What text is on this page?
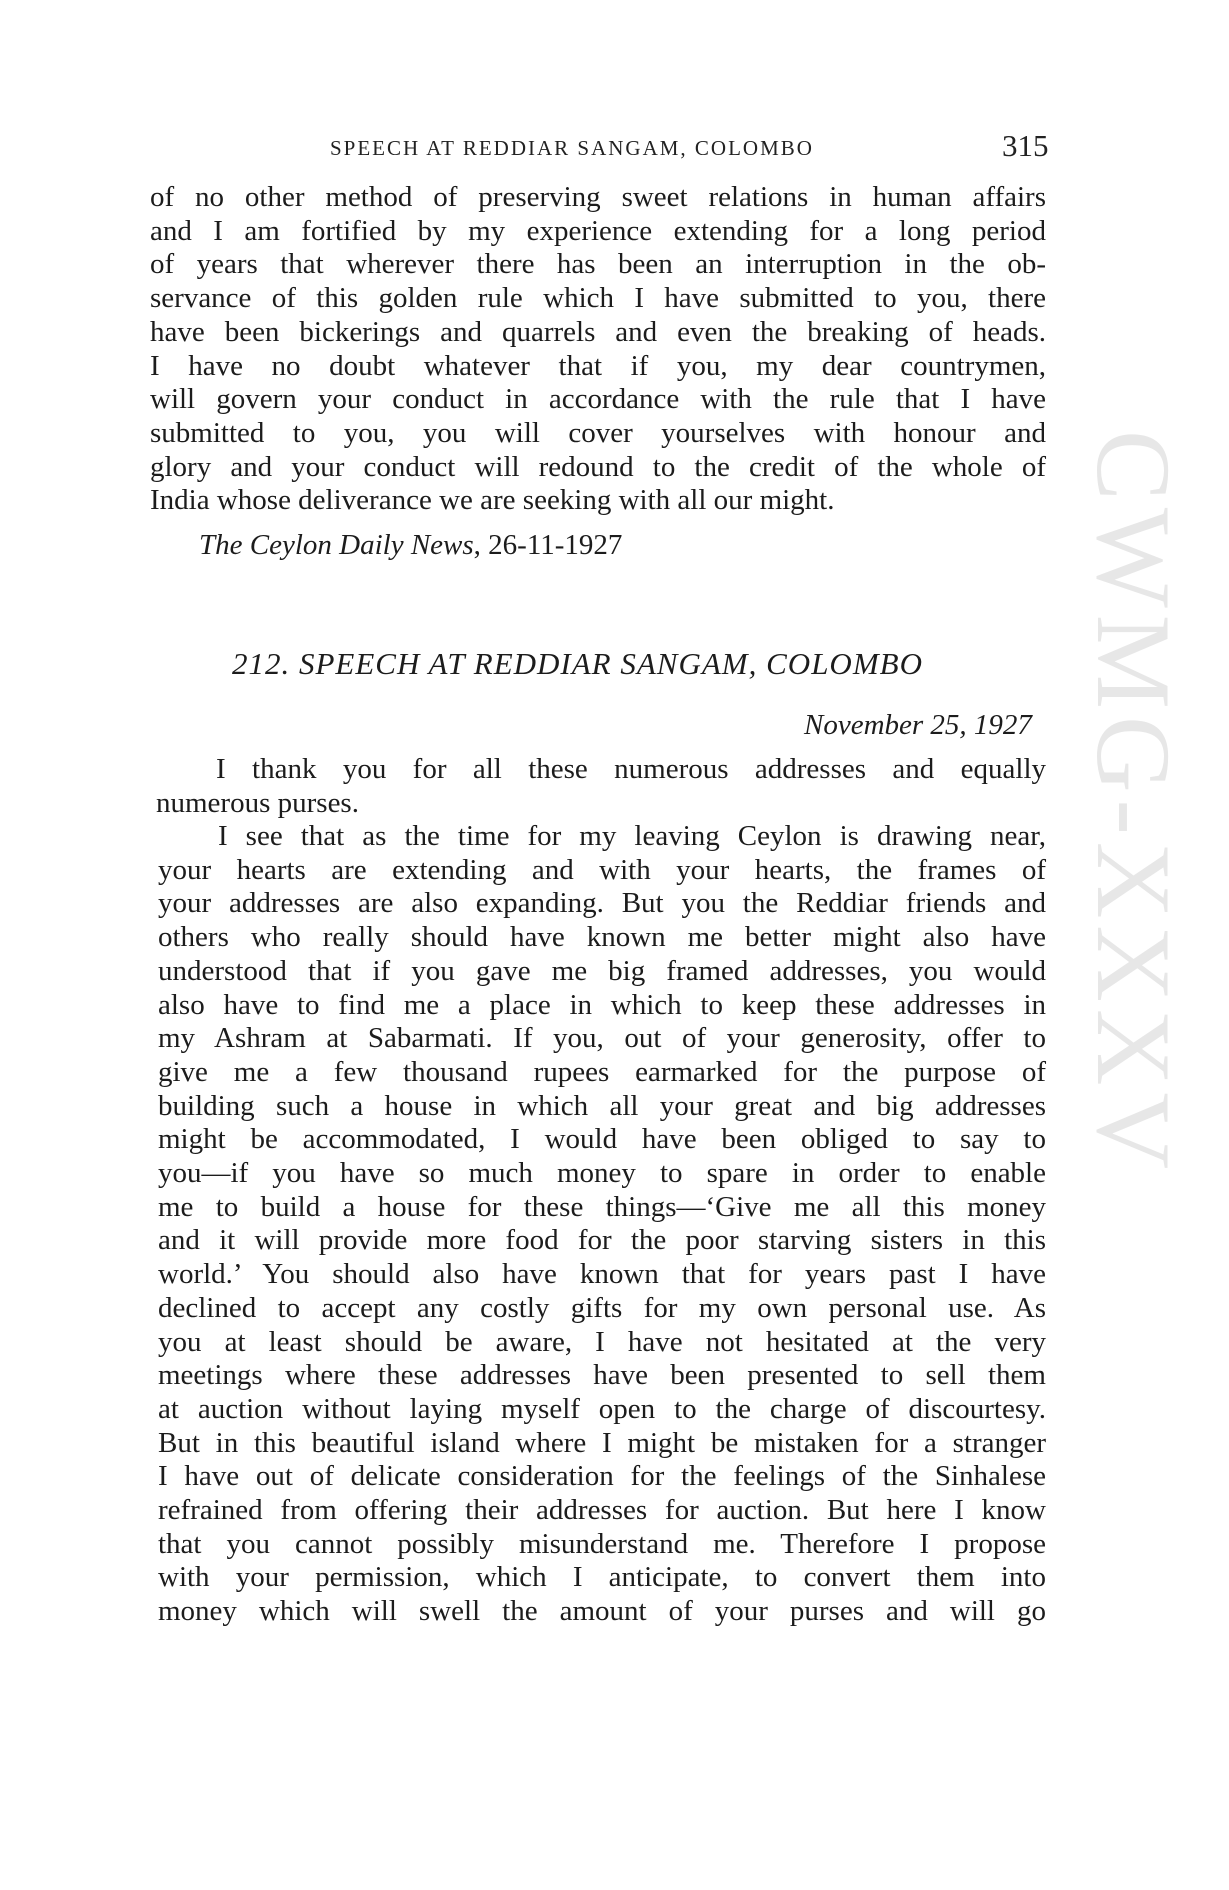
CWMG-XXXV
SPEECH AT REDDIAR SANGAM, COLOMBO	315
of no other method of preserving sweet relations in human affairs
and I am fortified by my experience extending for a long period
of years that wherever there has been an interruption in the ob-
servance of this golden rule which I have submitted to you, there
have been bickerings and quarrels and even the breaking of heads.
I have no doubt whatever that if you, my dear countrymen,
will govern your conduct in accordance with the rule that I have
submitted to you, you will cover yourselves with honour and
glory and your conduct will redound to the credit of the whole of
India whose deliverance we are seeking with all our might.
The Ceylon Daily News, 26-11-1927
212. SPEECH AT REDDIAR SANGAM, COLOMBO
November 25, 1927
I thank you for all these numerous addresses and equally
numerous purses.
I see that as the time for my leaving Ceylon is drawing near,
your hearts are extending and with your hearts, the frames of
your addresses are also expanding. But you the Reddiar friends and
others who really should have known me better might also have
understood that if you gave me big framed addresses, you would
also have to find me a place in which to keep these addresses in
my Ashram at Sabarmati. If you, out of your generosity, offer to
give me a few thousand rupees earmarked for the purpose of
building such a house in which all your great and big addresses
might be accommodated, I would have been obliged to say to
you—if you have so much money to spare in order to enable
me to build a house for these things—‘Give me all this money
and it will provide more food for the poor starving sisters in this
world.’ You should also have known that for years past I have
declined to accept any costly gifts for my own personal use. As
you at least should be aware, I have not hesitated at the very
meetings where these addresses have been presented to sell them
at auction without laying myself open to the charge of discourtesy.
But in this beautiful island where I might be mistaken for a stranger
I have out of delicate consideration for the feelings of the Sinhalese
refrained from offering their addresses for auction. But here I know
that you cannot possibly misunderstand me. Therefore I propose
with your permission, which I anticipate, to convert them into
money which will swell the amount of your purses and will go
